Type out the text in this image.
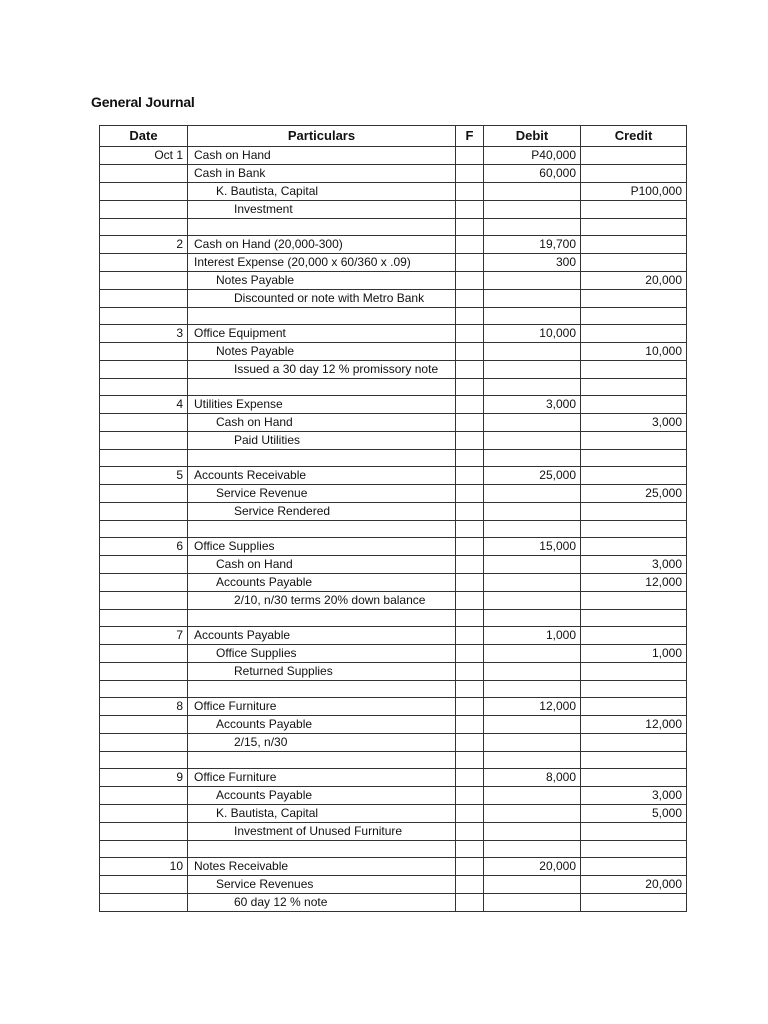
General Journal
Date	Particulars	F	Debit	Credit
Oct 1	Cash on Hand		P40,000	
	Cash in Bank		60,000	
	K. Bautista, Capital			P100,000
	Investment			

2	Cash on Hand (20,000-300)		19,700	
	Interest Expense (20,000 x 60/360 x .09)		300	
	Notes Payable			20,000
	Discounted or note with Metro Bank			

3	Office Equipment		10,000	
	Notes Payable			10,000
	Issued a 30 day 12 % promissory note			

4	Utilities Expense		3,000	
	Cash on Hand			3,000
	Paid Utilities			

5	Accounts Receivable		25,000	
	Service Revenue			25,000
	Service Rendered			

6	Office Supplies		15,000	
	Cash on Hand			3,000
	Accounts Payable			12,000
	2/10, n/30 terms 20% down balance			

7	Accounts Payable		1,000	
	Office Supplies			1,000
	Returned Supplies			

8	Office Furniture		12,000	
	Accounts Payable			12,000
	2/15, n/30			

9	Office Furniture		8,000	
	Accounts Payable			3,000
	K. Bautista, Capital			5,000
	Investment of Unused Furniture			

10	Notes Receivable		20,000	
	Service Revenues			20,000
	60 day 12 % note			
